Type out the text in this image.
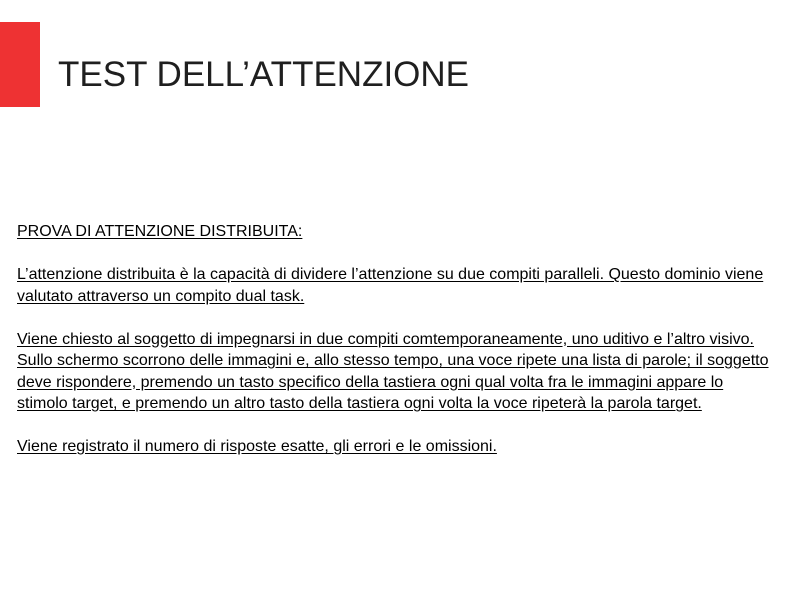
TEST DELL’ATTENZIONE

PROVA DI ATTENZIONE DISTRIBUITA:

L’attenzione distribuita è la capacità di dividere l’attenzione su due compiti paralleli. Questo dominio viene valutato attraverso un compito dual task.

Viene chiesto al soggetto di impegnarsi in due compiti comtemporaneamente, uno uditivo e l’altro visivo. Sullo schermo scorrono delle immagini e, allo stesso tempo, una voce ripete una lista di parole; il soggetto deve rispondere, premendo un tasto specifico della tastiera ogni qual volta fra le immagini appare lo stimolo target, e premendo un altro tasto della tastiera ogni volta la voce ripeterà la parola target.

Viene registrato il numero di risposte esatte, gli errori e le omissioni.
